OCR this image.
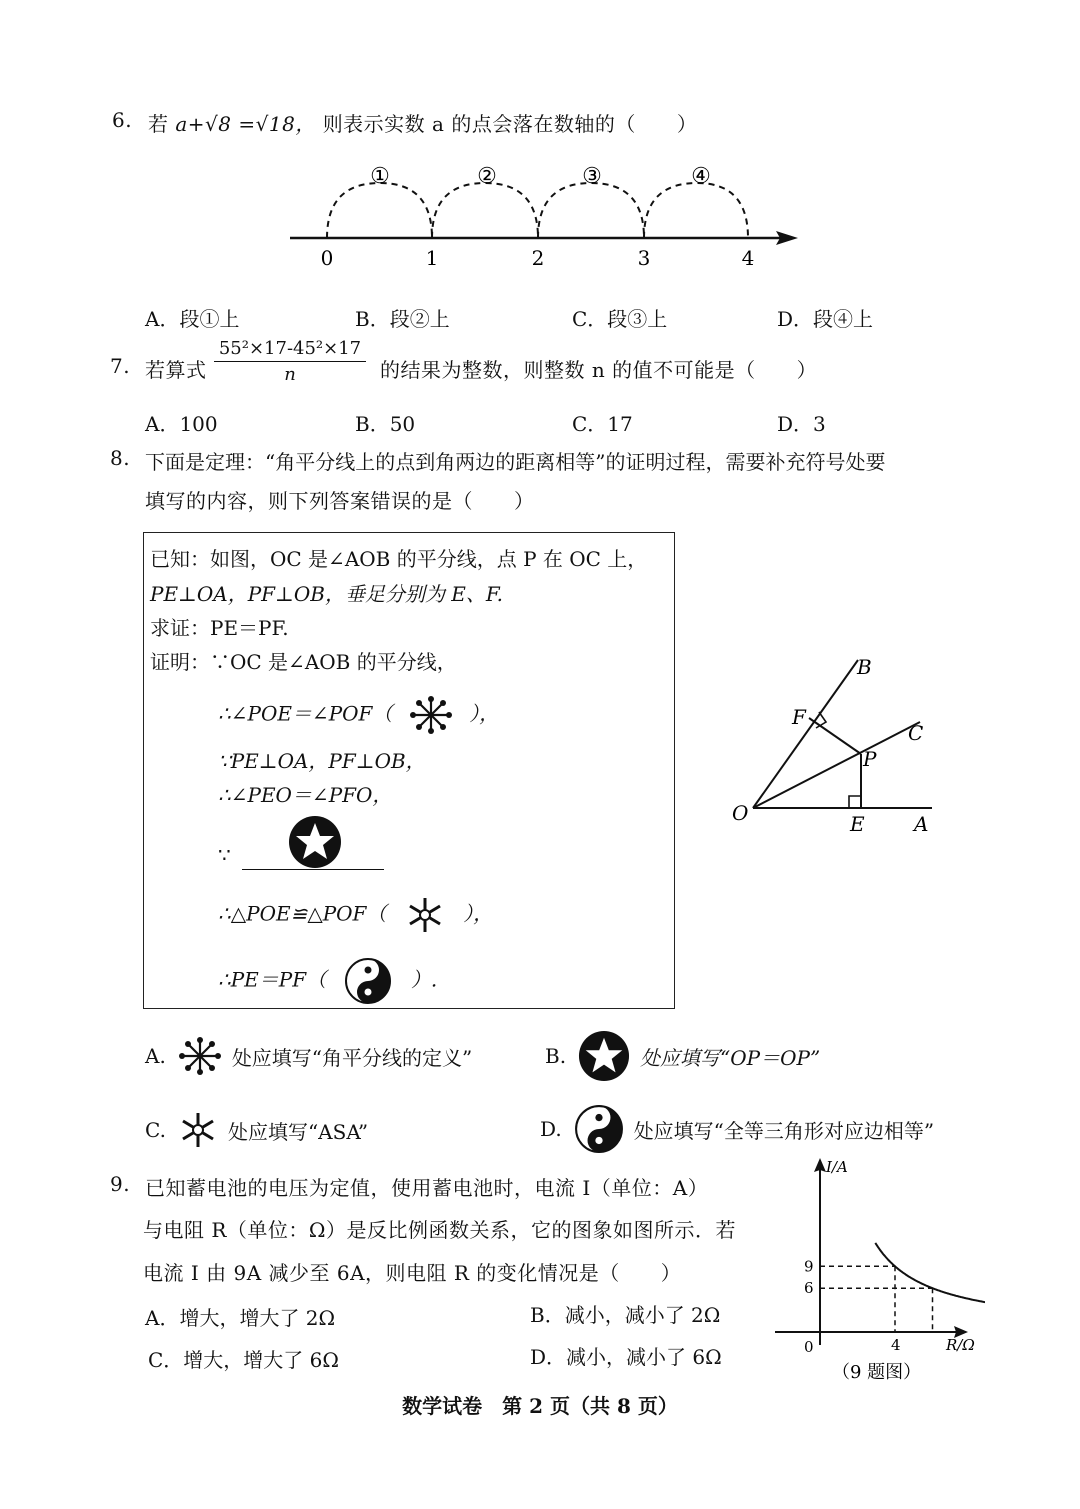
6. 若 a+√8 =√18， 则表示实数 a 的点会落在数轴的（　　）
①	②	③	④
0	1	2	3	4
A．段①上	B．段②上	C．段③上	D．段④上
7. 若算式
55²×17-45²×17
n	的结果为整数，则整数 n 的值不可能是（　　）
A．100	B．50	C．17	D．3
8. 下面是定理：“角平分线上的点到角两边的距离相等”的证明过程，需要补充符号处要
填写的内容，则下列答案错误的是（　　）
已知：如图，OC 是∠AOB 的平分线，点 P 在 OC 上，
PE⊥OA，PF⊥OB，垂足分别为 E、F.
求证：PE＝PF.
证明：∵OC 是∠AOB 的平分线，
∴∠POE＝∠POF（	），
∵PE⊥OA，PF⊥OB，
∴∠PEO＝∠PFO，
∵
∴△POE≌△POF（	），
∴PE＝PF（	）.
B
F
C
P
O	E A
A.	处应填写“角平分线的定义”	B.	处应填写“OP＝OP”
C.	处应填写“ASA”	D.	处应填写“全等三角形对应边相等”
9. 已知蓄电池的电压为定值，使用蓄电池时，电流 I（单位：A）
与电阻 R（单位：Ω）是反比例函数关系，它的图象如图所示．若
电流 I 由 9A 减少至 6A，则电阻 R 的变化情况是（　　）
A．增大，增大了 2Ω	B．减小，减小了 2Ω
C．增大，增大了 6Ω	D．减小，减小了 6Ω
I/A
R/Ω
0
9
6
4
（9 题图）
数学试卷　第 2 页（共 8 页）
